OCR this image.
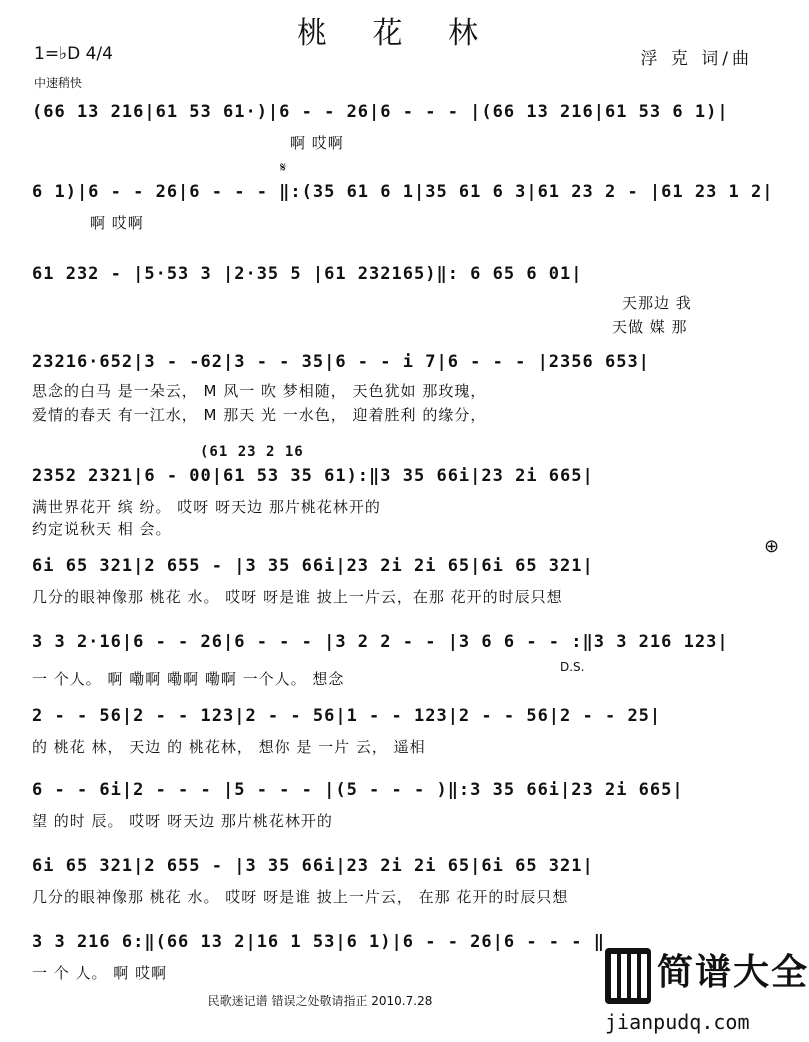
桃 花 林
1=♭D 4/4
中速稍快
浮 克 词/曲
𝄋
⊕
D.S.
(66 13 216|61 53 61·)|6 - - 26|6 - - - |(66 13 216|61 53 6 1)|
啊 哎啊
6 1)|6 - - 26|6 - - - ‖:(35 61 6 1|35 61 6 3|61 23 2 - |61 23 1 2|
啊 哎啊
61 232 - |5·53 3 |2·35 5 |61 232165)‖: 6 65 6 01|
天那边 我
天做 媒 那
23216·652|3 - -62|3 - - 35|6 - - i 7|6 - - - |2356 653|
思念的白马 是一朵云， M 风一 吹 梦相随， 天色犹如 那玫瑰，
爱情的春天 有一江水， M 那天 光 一水色， 迎着胜利 的缘分，
(61 23 2 16
2352 2321|6 - 00|61 53 35 61):‖3 35 66i|23 2i 665|
满世界花开 缤 纷。 哎呀 呀天边 那片桃花林开的
约定说秋天 相 会。
6i 65 321|2 655 - |3 35 66i|23 2i 2i 65|6i 65 321|
几分的眼神像那 桃花 水。 哎呀 呀是谁 披上一片云，在那 花开的时辰只想
3 3 2·16|6 - - 26|6 - - - |3 2 2 - - |3 6 6 - - :‖3 3 216 123|
一 个人。 啊 嘞啊 嘞啊 嘞啊 一个人。 想念
2 - - 56|2 - - 123|2 - - 56|1 - - 123|2 - - 56|2 - - 25|
的 桃花 林， 天边 的 桃花林， 想你 是 一片 云， 遥相
6 - - 6i|2 - - - |5 - - - |(5 - - - )‖:3 35 66i|23 2i 665|
望 的时 辰。 哎呀 呀天边 那片桃花林开的
6i 65 321|2 655 - |3 35 66i|23 2i 2i 65|6i 65 321|
几分的眼神像那 桃花 水。 哎呀 呀是谁 披上一片云， 在那 花开的时辰只想
3 3 216 6:‖(66 13 2|16 1 53|6 1)|6 - - 26|6 - - - ‖
一 个 人。 啊 哎啊
民歌迷记谱 错误之处敬请指正 2010.7.28
简谱大全
jianpudq.com
